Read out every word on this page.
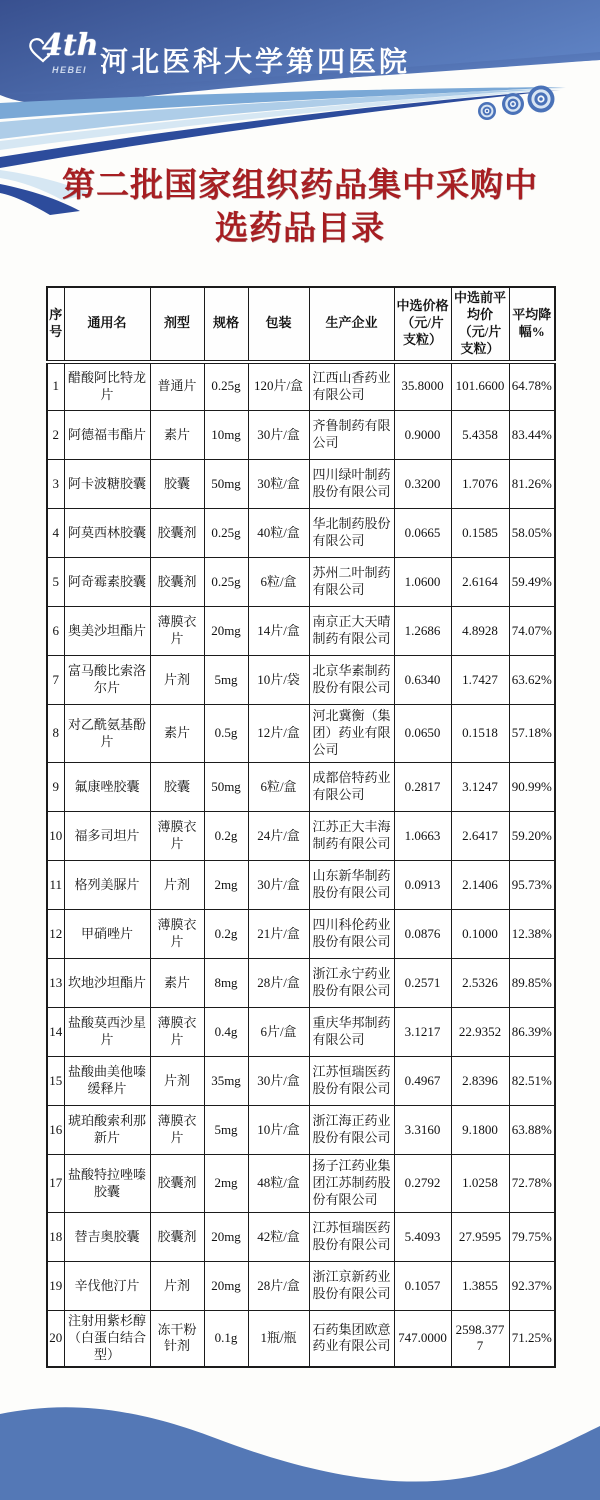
4th
HEBEI 河北医科大学第四医院
第二批国家组织药品集中采购中
选药品目录
序号	通用名	剂型	规格	包装	生产企业	中选价格（元/片支粒）	中选前平均价（元/片支粒）	平均降幅%
1	醋酸阿比特龙片	普通片	0.25g	120片/盒	江西山香药业有限公司	35.8000	101.6600	64.78%
2	阿德福韦酯片	素片	10mg	30片/盒	齐鲁制药有限公司	0.9000	5.4358	83.44%
3	阿卡波糖胶囊	胶囊	50mg	30粒/盒	四川绿叶制药股份有限公司	0.3200	1.7076	81.26%
4	阿莫西林胶囊	胶囊剂	0.25g	40粒/盒	华北制药股份有限公司	0.0665	0.1585	58.05%
5	阿奇霉素胶囊	胶囊剂	0.25g	6粒/盒	苏州二叶制药有限公司	1.0600	2.6164	59.49%
6	奥美沙坦酯片	薄膜衣片	20mg	14片/盒	南京正大天晴制药有限公司	1.2686	4.8928	74.07%
7	富马酸比索洛尔片	片剂	5mg	10片/袋	北京华素制药股份有限公司	0.6340	1.7427	63.62%
8	对乙酰氨基酚片	素片	0.5g	12片/盒	河北冀衡（集团）药业有限公司	0.0650	0.1518	57.18%
9	氟康唑胶囊	胶囊	50mg	6粒/盒	成都倍特药业有限公司	0.2817	3.1247	90.99%
10	福多司坦片	薄膜衣片	0.2g	24片/盒	江苏正大丰海制药有限公司	1.0663	2.6417	59.20%
11	格列美脲片	片剂	2mg	30片/盒	山东新华制药股份有限公司	0.0913	2.1406	95.73%
12	甲硝唑片	薄膜衣片	0.2g	21片/盒	四川科伦药业股份有限公司	0.0876	0.1000	12.38%
13	坎地沙坦酯片	素片	8mg	28片/盒	浙江永宁药业股份有限公司	0.2571	2.5326	89.85%
14	盐酸莫西沙星片	薄膜衣片	0.4g	6片/盒	重庆华邦制药有限公司	3.1217	22.9352	86.39%
15	盐酸曲美他嗪缓释片	片剂	35mg	30片/盒	江苏恒瑞医药股份有限公司	0.4967	2.8396	82.51%
16	琥珀酸索利那新片	薄膜衣片	5mg	10片/盒	浙江海正药业股份有限公司	3.3160	9.1800	63.88%
17	盐酸特拉唑嗪胶囊	胶囊剂	2mg	48粒/盒	扬子江药业集团江苏制药股份有限公司	0.2792	1.0258	72.78%
18	替吉奥胶囊	胶囊剂	20mg	42粒/盒	江苏恒瑞医药股份有限公司	5.4093	27.9595	79.75%
19	辛伐他汀片	片剂	20mg	28片/盒	浙江京新药业股份有限公司	0.1057	1.3855	92.37%
20	注射用紫杉醇（白蛋白结合型）	冻干粉针剂	0.1g	1瓶/瓶	石药集团欧意药业有限公司	747.0000	2598.3777	71.25%
